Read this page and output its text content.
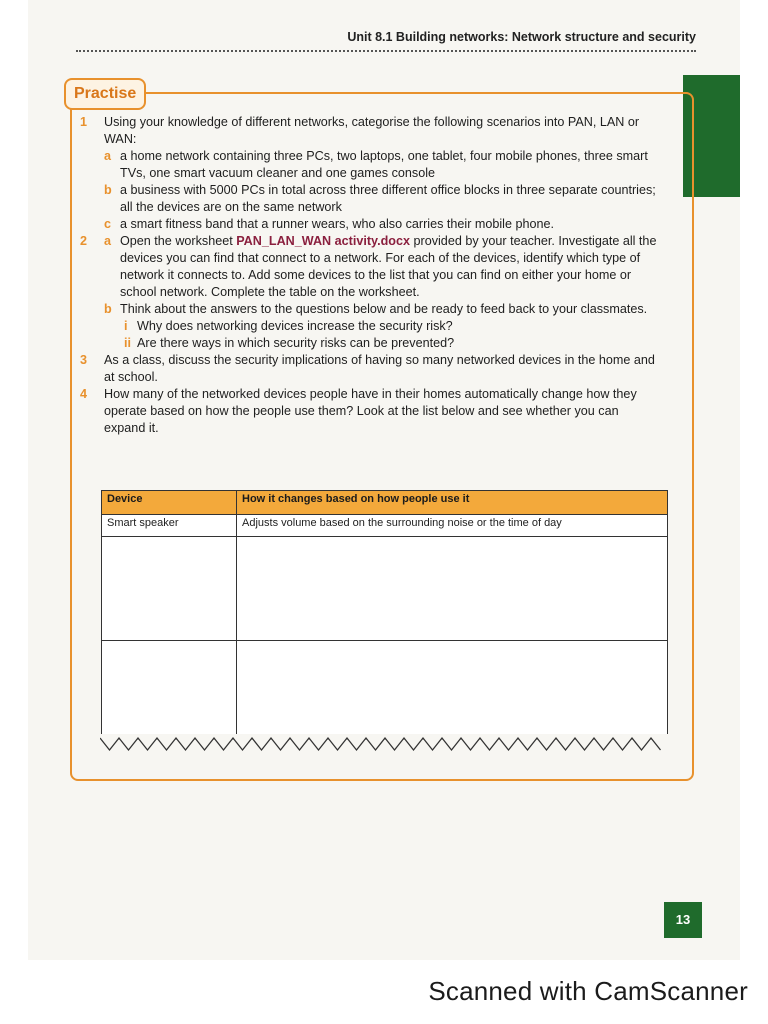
Unit 8.1 Building networks: Network structure and security
Practise
1 Using your knowledge of different networks, categorise the following scenarios into PAN, LAN or WAN:
a a home network containing three PCs, two laptops, one tablet, four mobile phones, three smart TVs, one smart vacuum cleaner and one games console
b a business with 5000 PCs in total across three different office blocks in three separate countries; all the devices are on the same network
c a smart fitness band that a runner wears, who also carries their mobile phone.
2 a Open the worksheet PAN_LAN_WAN activity.docx provided by your teacher. Investigate all the devices you can find that connect to a network. For each of the devices, identify which type of network it connects to. Add some devices to the list that you can find on either your home or school network. Complete the table on the worksheet.
b Think about the answers to the questions below and be ready to feed back to your classmates.
i Why does networking devices increase the security risk?
ii Are there ways in which security risks can be prevented?
3 As a class, discuss the security implications of having so many networked devices in the home and at school.
4 How many of the networked devices people have in their homes automatically change how they operate based on how the people use them? Look at the list below and see whether you can expand it.
Device	How it changes based on how people use it
Smart speaker	Adjusts volume based on the surrounding noise or the time of day

13
Scanned with CamScanner
